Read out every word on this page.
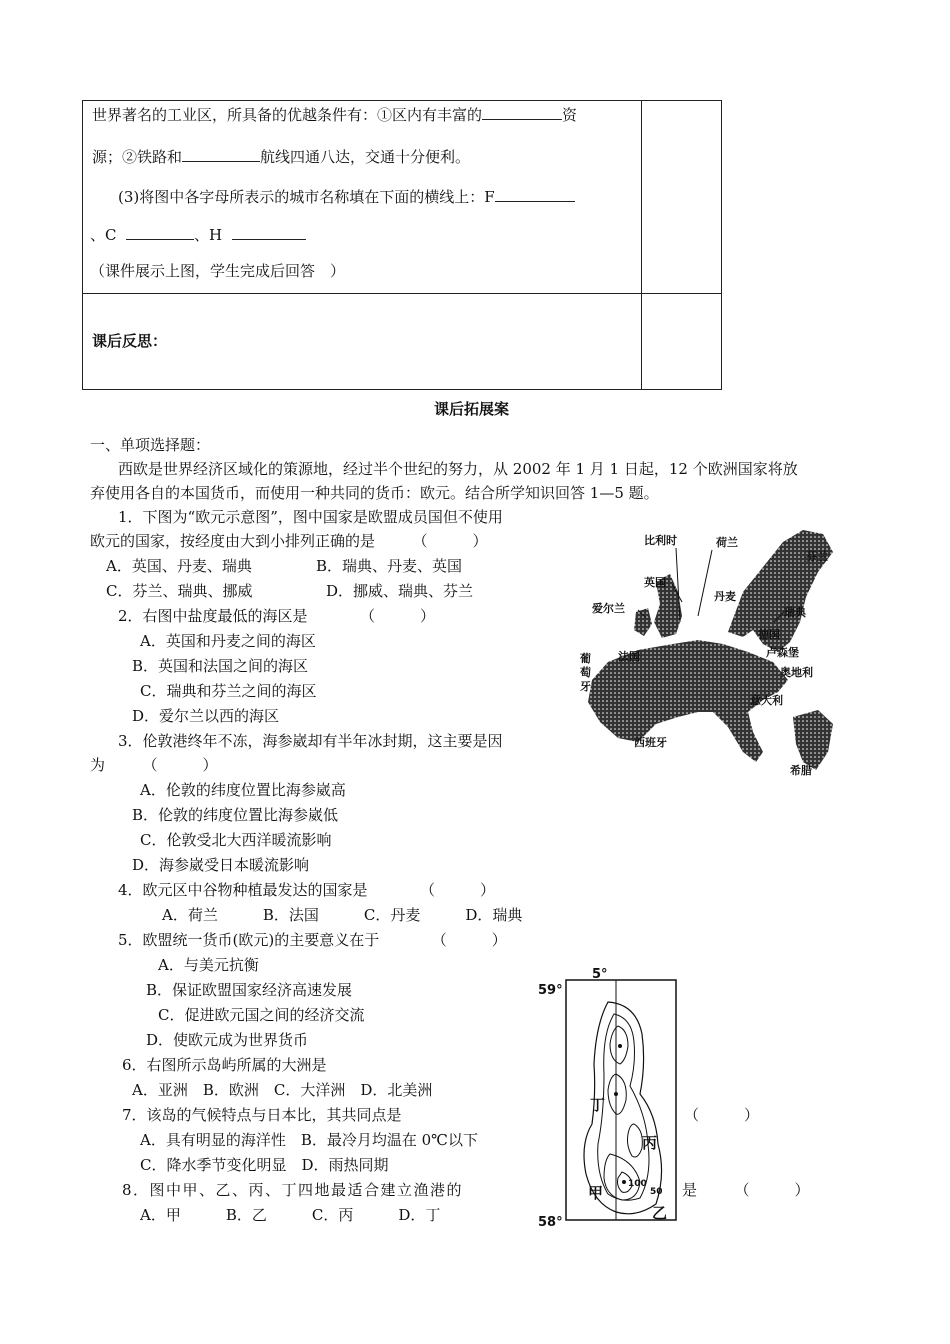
世界著名的工业区，所具备的优越条件有：①区内有丰富的	资
源；②铁路和	航线四通八达，交通十分便利。
(3)将图中各字母所表示的城市名称填在下面的横线上：F
、C	、H
（课件展示上图，学生完成后回答　）
课后反思：
课后拓展案
一、单项选择题：
西欧是世界经济区域化的策源地，经过半个世纪的努力，从 2002 年 1 月 1 日起，12 个欧洲国家将放
弃使用各自的本国货币，而使用一种共同的货币：欧元。结合所学知识回答 1—5 题。
1．下图为“欧元示意图”，图中国家是欧盟成员国但不使用
欧元的国家，按经度由大到小排列正确的是　　　（　　　）
A．英国、丹麦、瑞典	B．瑞典、丹麦、英国
C．芬兰、瑞典、挪威	D．挪威、瑞典、芬兰
2．右图中盐度最低的海区是　　　　（　　　）
A．英国和丹麦之间的海区
B．英国和法国之间的海区
C．瑞典和芬兰之间的海区
D．爱尔兰以西的海区
3．伦敦港终年不冻，海参崴却有半年冰封期，这主要是因
为　　　（　　　）
A．伦敦的纬度位置比海参崴高
B．伦敦的纬度位置比海参崴低
C．伦敦受北大西洋暖流影响
D．海参崴受日本暖流影响
4．欧元区中谷物种植最发达的国家是　　　　（　　　）
A．荷兰　　　B．法国　　　C．丹麦　　　D．瑞典
5．欧盟统一货币(欧元)的主要意义在于　　　　（　　　）
A．与美元抗衡
B．保证欧盟国家经济高速发展
C．促进欧元国之间的经济交流
D．使欧元成为世界货币
6．右图所示岛屿所属的大洲是
A．亚洲　B．欧洲　C．大洋洲　D．北美洲
7．该岛的气候特点与日本比，其共同点是	（　　　）
A．具有明显的海洋性　B．最冷月均温在 0℃以下
C．降水季节变化明显　D．雨热同期
8．图中甲、乙、丙、丁四地最适合建立渔港的	是　　　（　　　）
A．甲　　　B．乙　　　C．丙　　　D．丁
比利时	荷兰
芬兰
英国
丹麦
瑞典
爱尔兰
德国
卢森堡
奥地利
法国
葡
萄
牙
意大利
西班牙
希腊
59°
58°
5°
100
50
丁
丙
甲
乙
